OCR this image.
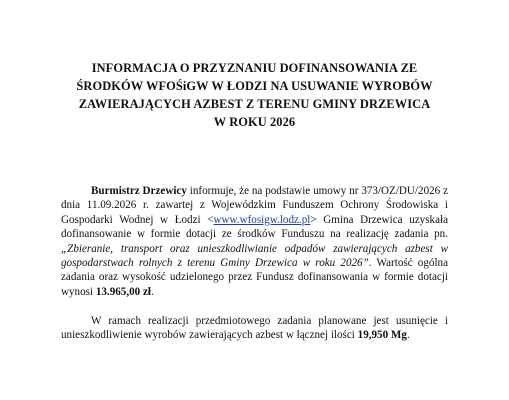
INFORMACJA O PRZYZNANIU DOFINANSOWANIA ZE
ŚRODKÓW WFOŚiGW W ŁODZI NA USUWANIE WYROBÓW
ZAWIERAJĄCYCH AZBEST Z TERENU GMINY DRZEWICA
W ROKU 2026

Burmistrz Drzewicy informuje, że na podstawie umowy nr 373/OZ/DU/2026 z dnia 11.09.2026 r. zawartej z Wojewódzkim Funduszem Ochrony Środowiska i Gospodarki Wodnej w Łodzi <www.wfosigw.lodz.pl> Gmina Drzewica uzyskała dofinansowanie w formie dotacji ze środków Funduszu na realizację zadania pn. „Zbieranie, transport oraz unieszkodliwianie odpadów zawierających azbest w gospodarstwach rolnych z terenu Gminy Drzewica w roku 2026”. Wartość ogólna zadania oraz wysokość udzielonego przez Fundusz dofinansowania w formie dotacji wynosi 13.965,00 zł.

W ramach realizacji przedmiotowego zadania planowane jest usunięcie i unieszkodliwienie wyrobów zawierających azbest w łącznej ilości 19,950 Mg.
